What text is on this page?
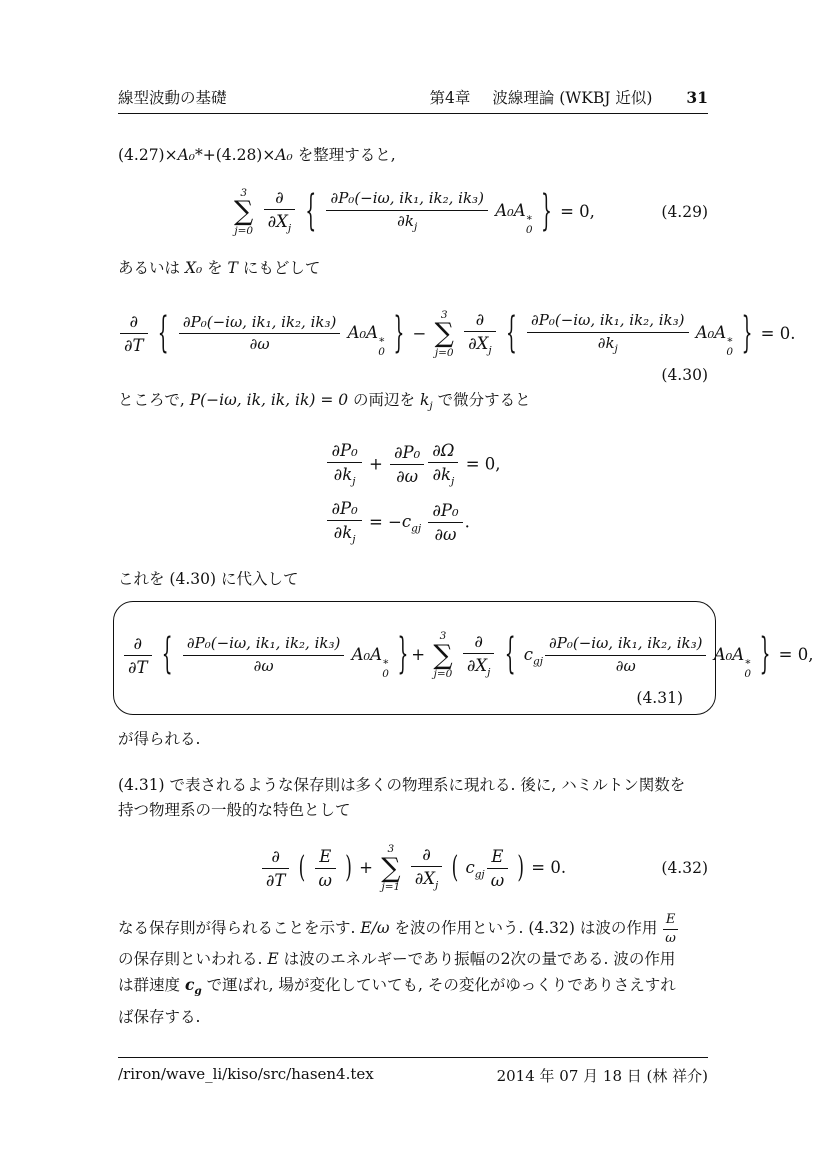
線型波動の基礎	第4章 波線理論 (WKBJ 近似) 31
(4.27)×A₀*+(4.28)×A₀ を整理すると,
3
∑
j=0
$\frac{\partial}{\partial X_j}$ { $\frac{\text{∂P₀(−iω, ik₁, ik₂, ik₃)}}{\partial k_j} A_0A$ ∗
0 } = 0,	(4.29)
あるいは X₀ を T にもどして
$\frac{\partial}{\partial T}$ { $\frac{\text{∂P₀(−iω, ik₁, ik₂, ik₃)}}{\partial\omega} A_0A$ ∗
0 } −
3
∑
j=0
$\frac{\partial}{\partial X_j}$ { $\frac{\text{∂P₀(−iω, ik₁, ik₂, ik₃)}}{\partial k_j} A_0A$ ∗
0 } = 0.
(4.30)
ところで, P(−iω, ik, ik, ik) = 0 の両辺を $k_j$ で微分すると
$\frac{\text{∂P₀}}{\partial k_j} + \frac{\text{∂P₀}}{\partial\omega} \frac{\partial\Omega}{\partial k_j} = 0$,
$\frac{\text{∂P₀}}{\partial k_j} = -c_{gj} \frac{\text{∂P₀}}{\partial\omega}$ .
これを (4.30) に代入して
$\frac{\partial}{\partial T}$ { $\frac{\text{∂P₀(−iω, ik₁, ik₂, ik₃)}}{\partial\omega} A_0A$ ∗
0 } +
3
∑
j=0
$\frac{\partial}{\partial X_j}$ { $c_{gj} \frac{\text{∂P₀(−iω, ik₁, ik₂, ik₃)}}{\partial\omega} A_0A$ ∗
0 } = 0,
(4.31)
が得られる.
(4.31) で表されるような保存則は多くの物理系に現れる. 後に, ハミルトン関数を
持つ物理系の一般的な特色として
$\frac{\partial}{\partial T}$ ( $\frac{E}{\omega}$ ) +
3
∑
j=1
$\frac{\partial}{\partial X_j}$ ( $c_{gj} \frac{E}{\omega}$ ) = 0.	(4.32)
なる保存則が得られることを示す. E/ω を波の作用という. (4.32) は波の作用 $\frac{E}{\omega}$
の保存則といわれる. E は波のエネルギーであり振幅の2次の量である. 波の作用
は群速度 $c_g$ で運ばれ, 場が変化していても, その変化がゆっくりでありさえすれ
ば保存する.
/riron/wave_li/kiso/src/hasen4.tex	2014 年 07 月 18 日 (林 祥介)
